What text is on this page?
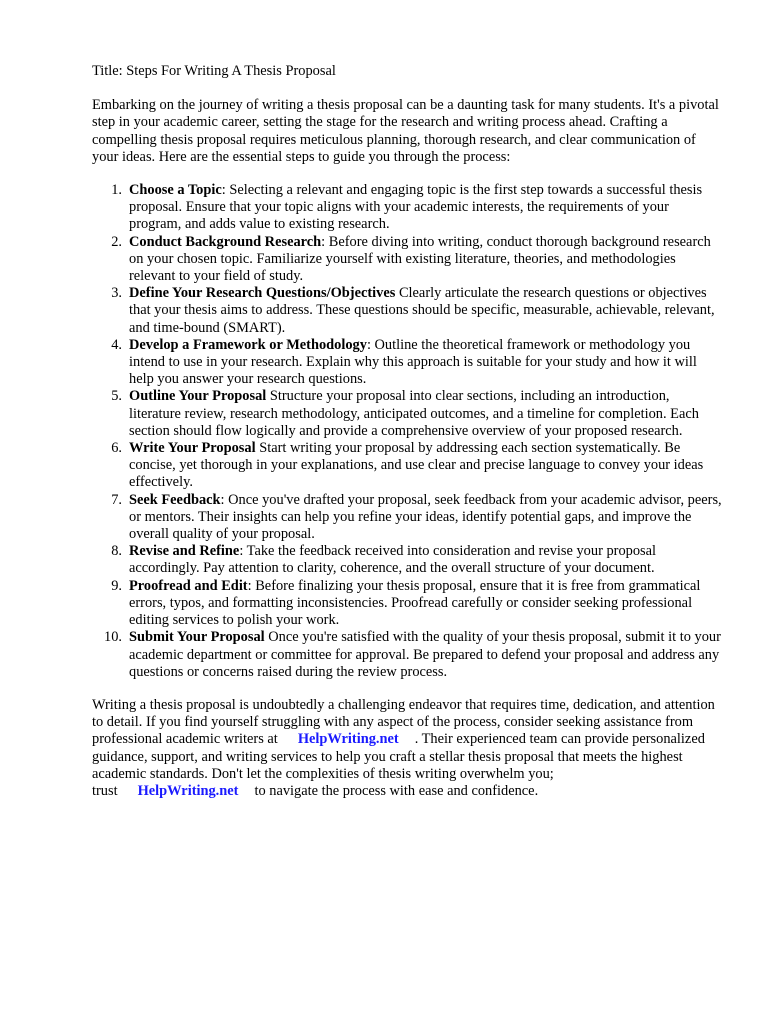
Title: Steps For Writing A Thesis Proposal

Embarking on the journey of writing a thesis proposal can be a daunting task for many students. It's a pivotal step in your academic career, setting the stage for the research and writing process ahead. Crafting a compelling thesis proposal requires meticulous planning, thorough research, and clear communication of your ideas. Here are the essential steps to guide you through the process:

1. Choose a Topic: Selecting a relevant and engaging topic is the first step towards a successful thesis proposal. Ensure that your topic aligns with your academic interests, the requirements of your program, and adds value to existing research.
2. Conduct Background Research: Before diving into writing, conduct thorough background research on your chosen topic. Familiarize yourself with existing literature, theories, and methodologies relevant to your field of study.
3. Define Your Research Questions/Objectives Clearly articulate the research questions or objectives that your thesis aims to address. These questions should be specific, measurable, achievable, relevant, and time-bound (SMART).
4. Develop a Framework or Methodology: Outline the theoretical framework or methodology you intend to use in your research. Explain why this approach is suitable for your study and how it will help you answer your research questions.
5. Outline Your Proposal Structure your proposal into clear sections, including an introduction, literature review, research methodology, anticipated outcomes, and a timeline for completion. Each section should flow logically and provide a comprehensive overview of your proposed research.
6. Write Your Proposal Start writing your proposal by addressing each section systematically. Be concise, yet thorough in your explanations, and use clear and precise language to convey your ideas effectively.
7. Seek Feedback: Once you've drafted your proposal, seek feedback from your academic advisor, peers, or mentors. Their insights can help you refine your ideas, identify potential gaps, and improve the overall quality of your proposal.
8. Revise and Refine: Take the feedback received into consideration and revise your proposal accordingly. Pay attention to clarity, coherence, and the overall structure of your document.
9. Proofread and Edit: Before finalizing your thesis proposal, ensure that it is free from grammatical errors, typos, and formatting inconsistencies. Proofread carefully or consider seeking professional editing services to polish your work.
10. Submit Your Proposal Once you're satisfied with the quality of your thesis proposal, submit it to your academic department or committee for approval. Be prepared to defend your proposal and address any questions or concerns raised during the review process.

Writing a thesis proposal is undoubtedly a challenging endeavor that requires time, dedication, and attention to detail. If you find yourself struggling with any aspect of the process, consider seeking assistance from professional academic writers at HelpWriting.net . Their experienced team can provide personalized guidance, support, and writing services to help you craft a stellar thesis proposal that meets the highest academic standards. Don't let the complexities of thesis writing overwhelm you; trust HelpWriting.net to navigate the process with ease and confidence.
